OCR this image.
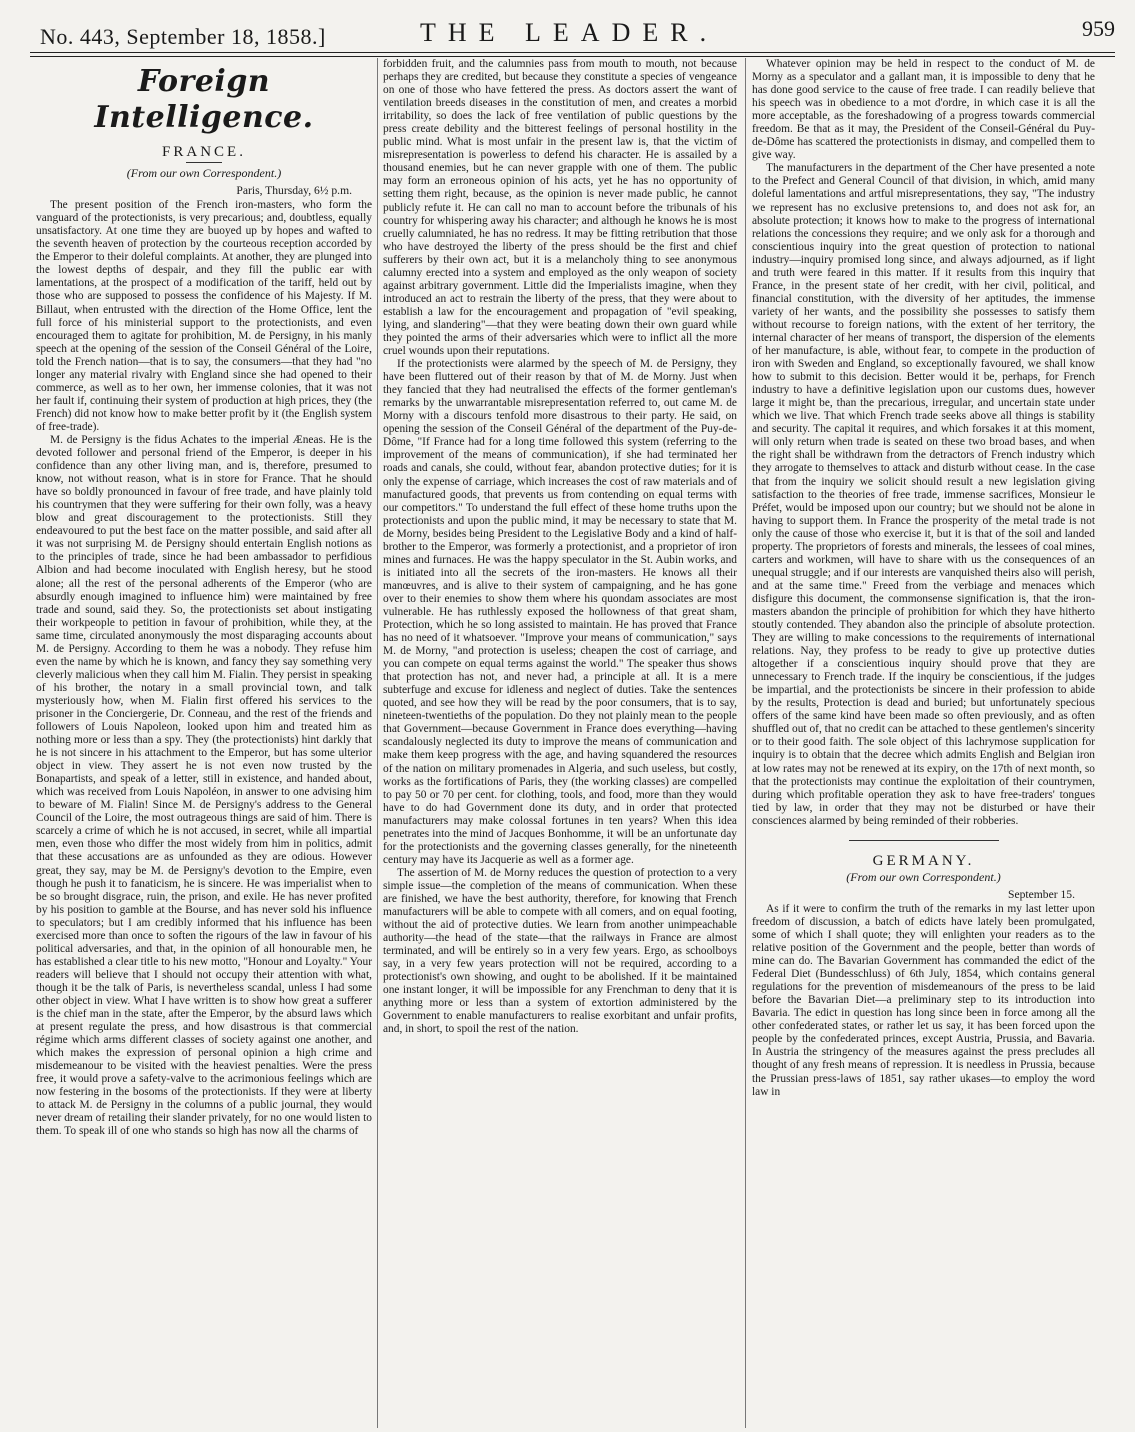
No. 443, September 18, 1858.]	THE LEADER.	959
Foreign Intelligence.
FRANCE.
(From our own Correspondent.)
Paris, Thursday, 6½ p.m.

The present position of the French iron-masters, who form the vanguard of the protectionists, is very precarious; and, doubtless, equally unsatisfactory. At one time they are buoyed up by hopes and wafted to the seventh heaven of protection by the courteous reception accorded by the Emperor to their doleful complaints. At another, they are plunged into the lowest depths of despair, and they fill the public ear with lamentations, at the prospect of a modification of the tariff, held out by those who are supposed to possess the confidence of his Majesty. If M. Billaut, when entrusted with the direction of the Home Office, lent the full force of his ministerial support to the protectionists, and even encouraged them to agitate for prohibition, M. de Persigny, in his manly speech at the opening of the session of the Conseil Général of the Loire, told the French nation—that is to say, the consumers—that they had "no longer any material rivalry with England since she had opened to their commerce, as well as to her own, her immense colonies, that it was not her fault if, continuing their system of production at high prices, they (the French) did not know how to make better profit by it (the English system of free-trade).

M. de Persigny is the fidus Achates to the imperial Æneas. He is the devoted follower and personal friend of the Emperor, is deeper in his confidence than any other living man, and is, therefore, presumed to know, not without reason, what is in store for France. That he should have so boldly pronounced in favour of free trade, and have plainly told his countrymen that they were suffering for their own folly, was a heavy blow and great discouragement to the protectionists. Still they endeavoured to put the best face on the matter possible, and said after all it was not surprising M. de Persigny should entertain English notions as to the principles of trade, since he had been ambassador to perfidious Albion and had become inoculated with English heresy, but he stood alone; all the rest of the personal adherents of the Emperor (who are absurdly enough imagined to influence him) were maintained by free trade and sound, said they. So, the protectionists set about instigating their workpeople to petition in favour of prohibition, while they, at the same time, circulated anonymously the most disparaging accounts about M. de Persigny. According to them he was a nobody. They refuse him even the name by which he is known, and fancy they say something very cleverly malicious when they call him M. Fialin. They persist in speaking of his brother, the notary in a small provincial town, and talk mysteriously how, when M. Fialin first offered his services to the prisoner in the Conciergerie, Dr. Conneau, and the rest of the friends and followers of Louis Napoleon, looked upon him and treated him as nothing more or less than a spy. They (the protectionists) hint darkly that he is not sincere in his attachment to the Emperor, but has some ulterior object in view. They assert he is not even now trusted by the Bonapartists, and speak of a letter, still in existence, and handed about, which was received from Louis Napoléon, in answer to one advising him to beware of M. Fialin! Since M. de Persigny's address to the General Council of the Loire, the most outrageous things are said of him. There is scarcely a crime of which he is not accused, in secret, while all impartial men, even those who differ the most widely from him in politics, admit that these accusations are as unfounded as they are odious. However great, they say, may be M. de Persigny's devotion to the Empire, even though he push it to fanaticism, he is sincere. He was imperialist when to be so brought disgrace, ruin, the prison, and exile. He has never profited by his position to gamble at the Bourse, and has never sold his influence to speculators; but I am credibly informed that his influence has been exercised more than once to soften the rigours of the law in favour of his political adversaries, and that, in the opinion of all honourable men, he has established a clear title to his new motto, "Honour and Loyalty." Your readers will believe that I should not occupy their attention with what, though it be the talk of Paris, is nevertheless scandal, unless I had some other object in view. What I have written is to show how great a sufferer is the chief man in the state, after the Emperor, by the absurd laws which at present regulate the press, and how disastrous is that commercial régime which arms different classes of society against one another, and which makes the expression of personal opinion a high crime and misdemeanour to be visited with the heaviest penalties. Were the press free, it would prove a safety-valve to the acrimonious feelings which are now festering in the bosoms of the protectionists. If they were at liberty to attack M. de Persigny in the columns of a public journal, they would never dream of retailing their slander privately, for no one would listen to them. To speak ill of one who stands so high has now all the charms of

forbidden fruit, and the calumnies pass from mouth to mouth, not because perhaps they are credited, but because they constitute a species of vengeance on one of those who have fettered the press. As doctors assert the want of ventilation breeds diseases in the constitution of men, and creates a morbid irritability, so does the lack of free ventilation of public questions by the press create debility and the bitterest feelings of personal hostility in the public mind. What is most unfair in the present law is, that the victim of misrepresentation is powerless to defend his character. He is assailed by a thousand enemies, but he can never grapple with one of them. The public may form an erroneous opinion of his acts, yet he has no opportunity of setting them right, because, as the opinion is never made public, he cannot publicly refute it. He can call no man to account before the tribunals of his country for whispering away his character; and although he knows he is most cruelly calumniated, he has no redress. It may be fitting retribution that those who have destroyed the liberty of the press should be the first and chief sufferers by their own act, but it is a melancholy thing to see anonymous calumny erected into a system and employed as the only weapon of society against arbitrary government. Little did the Imperialists imagine, when they introduced an act to restrain the liberty of the press, that they were about to establish a law for the encouragement and propagation of "evil speaking, lying, and slandering"—that they were beating down their own guard while they pointed the arms of their adversaries which were to inflict all the more cruel wounds upon their reputations.

If the protectionists were alarmed by the speech of M. de Persigny, they have been fluttered out of their reason by that of M. de Morny. Just when they fancied that they had neutralised the effects of the former gentleman's remarks by the unwarrantable misrepresentation referred to, out came M. de Morny with a discours tenfold more disastrous to their party. He said, on opening the session of the Conseil Général of the department of the Puy-de-Dôme, "If France had for a long time followed this system (referring to the improvement of the means of communication), if she had terminated her roads and canals, she could, without fear, abandon protective duties; for it is only the expense of carriage, which increases the cost of raw materials and of manufactured goods, that prevents us from contending on equal terms with our competitors." To understand the full effect of these home truths upon the protectionists and upon the public mind, it may be necessary to state that M. de Morny, besides being President to the Legislative Body and a kind of half-brother to the Emperor, was formerly a protectionist, and a proprietor of iron mines and furnaces. He was the happy speculator in the St. Aubin works, and is initiated into all the secrets of the iron-masters. He knows all their manœuvres, and is alive to their system of campaigning, and he has gone over to their enemies to show them where his quondam associates are most vulnerable. He has ruthlessly exposed the hollowness of that great sham, Protection, which he so long assisted to maintain. He has proved that France has no need of it whatsoever. "Improve your means of communication," says M. de Morny, "and protection is useless; cheapen the cost of carriage, and you can compete on equal terms against the world." The speaker thus shows that protection has not, and never had, a principle at all. It is a mere subterfuge and excuse for idleness and neglect of duties. Take the sentences quoted, and see how they will be read by the poor consumers, that is to say, nineteen-twentieths of the population. Do they not plainly mean to the people that Government—because Government in France does everything—having scandalously neglected its duty to improve the means of communication and make them keep progress with the age, and having squandered the resources of the nation on military promenades in Algeria, and such useless, but costly, works as the fortifications of Paris, they (the working classes) are compelled to pay 50 or 70 per cent. for clothing, tools, and food, more than they would have to do had Government done its duty, and in order that protected manufacturers may make colossal fortunes in ten years? When this idea penetrates into the mind of Jacques Bonhomme, it will be an unfortunate day for the protectionists and the governing classes generally, for the nineteenth century may have its Jacquerie as well as a former age.

The assertion of M. de Morny reduces the question of protection to a very simple issue—the completion of the means of communication. When these are finished, we have the best authority, therefore, for knowing that French manufacturers will be able to compete with all comers, and on equal footing, without the aid of protective duties. We learn from another unimpeachable authority—the head of the state—that the railways in France are almost terminated, and will be entirely so in a very few years. Ergo, as schoolboys say, in a very few years protection will not be required, according to a protectionist's own showing, and ought to be abolished. If it be maintained one instant longer, it will be impossible for any Frenchman to deny that it is anything more or less than a system of extortion administered by the Government to enable manufacturers to realise exorbitant and unfair profits, and, in short, to spoil the rest of the nation.

Whatever opinion may be held in respect to the conduct of M. de Morny as a speculator and a gallant man, it is impossible to deny that he has done good service to the cause of free trade. I can readily believe that his speech was in obedience to a mot d'ordre, in which case it is all the more acceptable, as the foreshadowing of a progress towards commercial freedom. Be that as it may, the President of the Conseil-Général du Puy-de-Dôme has scattered the protectionists in dismay, and compelled them to give way.

The manufacturers in the department of the Cher have presented a note to the Prefect and General Council of that division, in which, amid many doleful lamentations and artful misrepresentations, they say, "The industry we represent has no exclusive pretensions to, and does not ask for, an absolute protection; it knows how to make to the progress of international relations the concessions they require; and we only ask for a thorough and conscientious inquiry into the great question of protection to national industry—inquiry promised long since, and always adjourned, as if light and truth were feared in this matter. If it results from this inquiry that France, in the present state of her credit, with her civil, political, and financial constitution, with the diversity of her aptitudes, the immense variety of her wants, and the possibility she possesses to satisfy them without recourse to foreign nations, with the extent of her territory, the internal character of her means of transport, the dispersion of the elements of her manufacture, is able, without fear, to compete in the production of iron with Sweden and England, so exceptionally favoured, we shall know how to submit to this decision. Better would it be, perhaps, for French industry to have a definitive legislation upon our customs dues, however large it might be, than the precarious, irregular, and uncertain state under which we live. That which French trade seeks above all things is stability and security. The capital it requires, and which forsakes it at this moment, will only return when trade is seated on these two broad bases, and when the right shall be withdrawn from the detractors of French industry which they arrogate to themselves to attack and disturb without cease. In the case that from the inquiry we solicit should result a new legislation giving satisfaction to the theories of free trade, immense sacrifices, Monsieur le Préfet, would be imposed upon our country; but we should not be alone in having to support them. In France the prosperity of the metal trade is not only the cause of those who exercise it, but it is that of the soil and landed property. The proprietors of forests and minerals, the lessees of coal mines, carters and workmen, will have to share with us the consequences of an unequal struggle; and if our interests are vanquished theirs also will perish, and at the same time." Freed from the verbiage and menaces which disfigure this document, the commonsense signification is, that the iron-masters abandon the principle of prohibition for which they have hitherto stoutly contended. They abandon also the principle of absolute protection. They are willing to make concessions to the requirements of international relations. Nay, they profess to be ready to give up protective duties altogether if a conscientious inquiry should prove that they are unnecessary to French trade. If the inquiry be conscientious, if the judges be impartial, and the protectionists be sincere in their profession to abide by the results, Protection is dead and buried; but unfortunately specious offers of the same kind have been made so often previously, and as often shuffled out of, that no credit can be attached to these gentlemen's sincerity or to their good faith. The sole object of this lachrymose supplication for inquiry is to obtain that the decree which admits English and Belgian iron at low rates may not be renewed at its expiry, on the 17th of next month, so that the protectionists may continue the exploitation of their countrymen, during which profitable operation they ask to have free-traders' tongues tied by law, in order that they may not be disturbed or have their consciences alarmed by being reminded of their robberies.

GERMANY.
(From our own Correspondent.)
September 15.

As if it were to confirm the truth of the remarks in my last letter upon freedom of discussion, a batch of edicts have lately been promulgated, some of which I shall quote; they will enlighten your readers as to the relative position of the Government and the people, better than words of mine can do. The Bavarian Government has commanded the edict of the Federal Diet (Bundesschluss) of 6th July, 1854, which contains general regulations for the prevention of misdemeanours of the press to be laid before the Bavarian Diet—a preliminary step to its introduction into Bavaria. The edict in question has long since been in force among all the other confederated states, or rather let us say, it has been forced upon the people by the confederated princes, except Austria, Prussia, and Bavaria. In Austria the stringency of the measures against the press precludes all thought of any fresh means of repression. It is needless in Prussia, because the Prussian press-laws of 1851, say rather ukases—to employ the word law in
